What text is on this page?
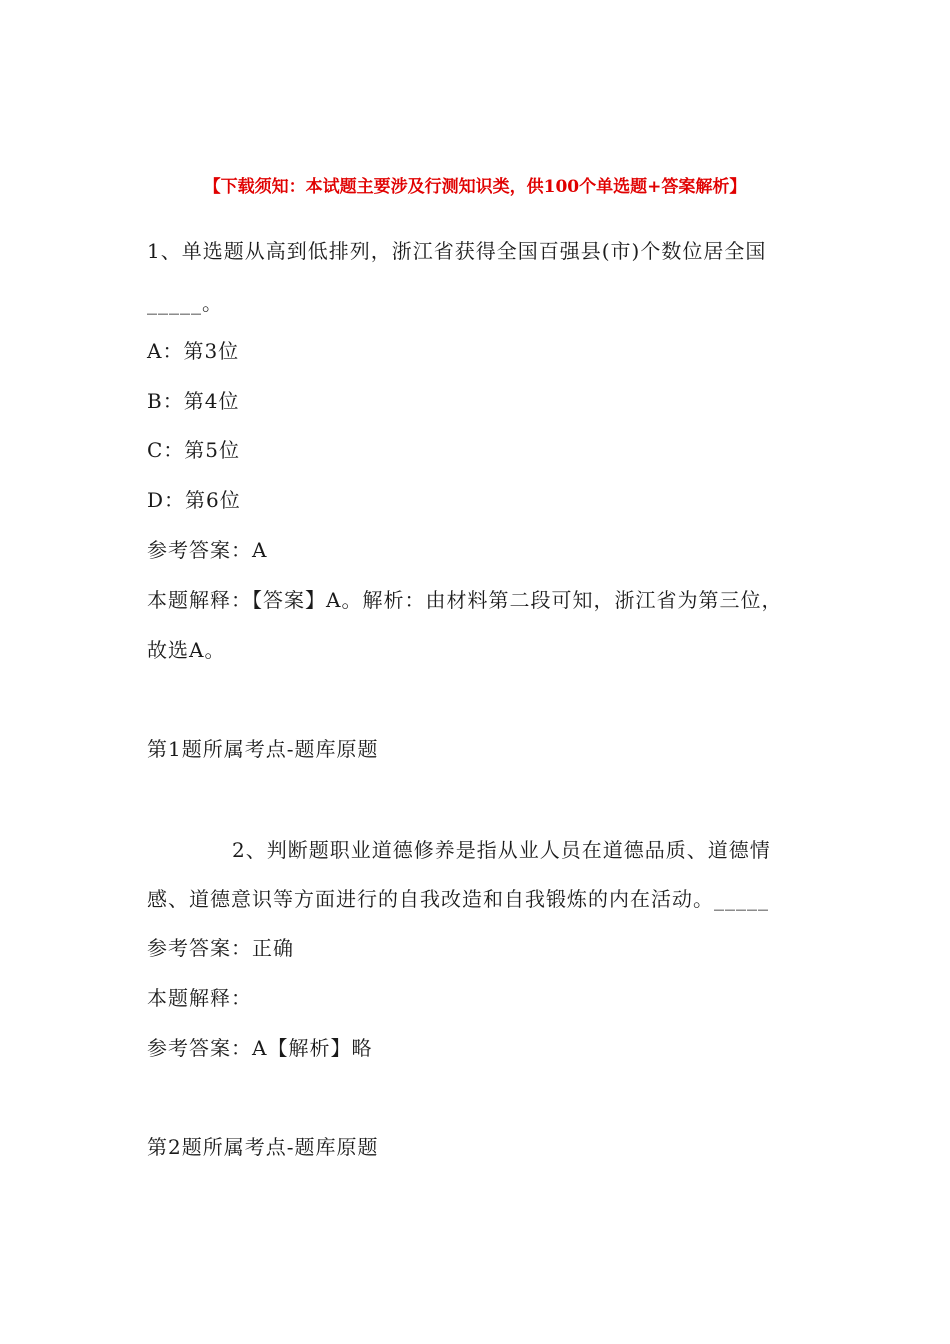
【下载须知：本试题主要涉及行测知识类，供100个单选题+答案解析】
1、单选题从高到低排列，浙江省获得全国百强县(市)个数位居全国
_____。
A：第3位
B：第4位
C：第5位
D：第6位
参考答案：A
本题解释：【答案】A。解析：由材料第二段可知，浙江省为第三位，
故选A。
第1题所属考点-题库原题
2、判断题职业道德修养是指从业人员在道德品质、道德情
感、道德意识等方面进行的自我改造和自我锻炼的内在活动。_____
参考答案：正确
本题解释：
参考答案：A【解析】略
第2题所属考点-题库原题
